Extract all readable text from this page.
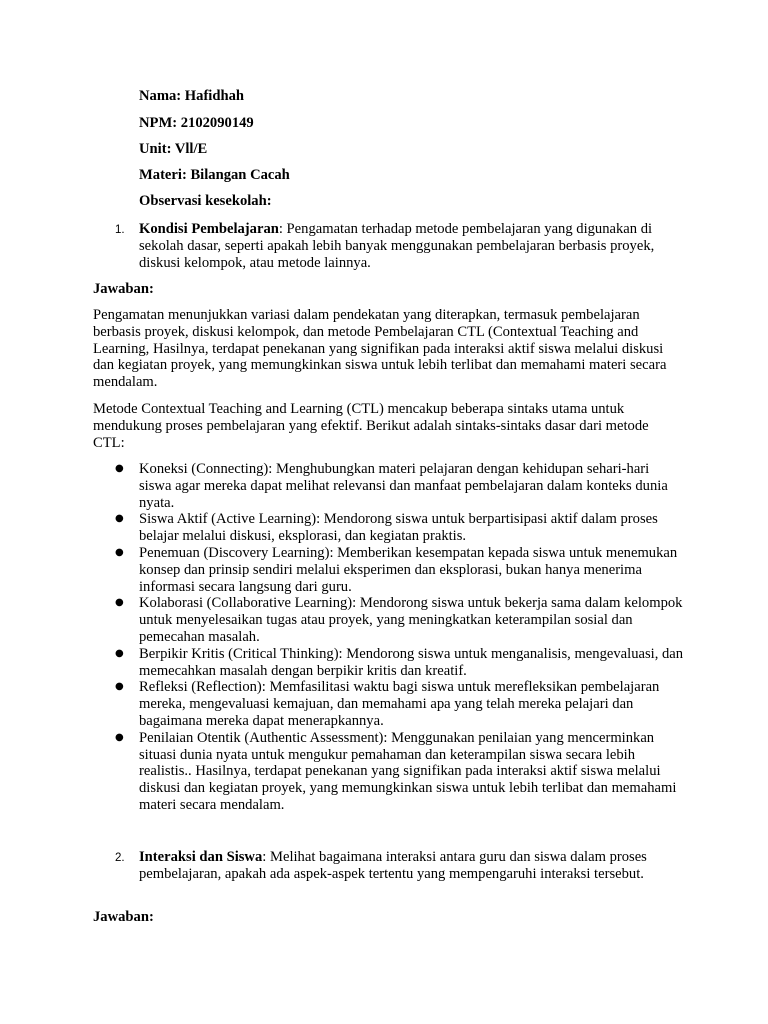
Nama: Hafidhah
NPM: 2102090149
Unit: Vll/E
Materi: Bilangan Cacah
Observasi kesekolah:
1. Kondisi Pembelajaran: Pengamatan terhadap metode pembelajaran yang digunakan di sekolah dasar, seperti apakah lebih banyak menggunakan pembelajaran berbasis proyek, diskusi kelompok, atau metode lainnya.
Jawaban:

Pengamatan menunjukkan variasi dalam pendekatan yang diterapkan, termasuk pembelajaran berbasis proyek, diskusi kelompok, dan metode Pembelajaran CTL (Contextual Teaching and Learning, Hasilnya, terdapat penekanan yang signifikan pada interaksi aktif siswa melalui diskusi dan kegiatan proyek, yang memungkinkan siswa untuk lebih terlibat dan memahami materi secara mendalam.

Metode Contextual Teaching and Learning (CTL) mencakup beberapa sintaks utama untuk mendukung proses pembelajaran yang efektif. Berikut adalah sintaks-sintaks dasar dari metode CTL:

● Koneksi (Connecting): Menghubungkan materi pelajaran dengan kehidupan sehari-hari siswa agar mereka dapat melihat relevansi dan manfaat pembelajaran dalam konteks dunia nyata.
● Siswa Aktif (Active Learning): Mendorong siswa untuk berpartisipasi aktif dalam proses belajar melalui diskusi, eksplorasi, dan kegiatan praktis.
● Penemuan (Discovery Learning): Memberikan kesempatan kepada siswa untuk menemukan konsep dan prinsip sendiri melalui eksperimen dan eksplorasi, bukan hanya menerima informasi secara langsung dari guru.
● Kolaborasi (Collaborative Learning): Mendorong siswa untuk bekerja sama dalam kelompok untuk menyelesaikan tugas atau proyek, yang meningkatkan keterampilan sosial dan pemecahan masalah.
● Berpikir Kritis (Critical Thinking): Mendorong siswa untuk menganalisis, mengevaluasi, dan memecahkan masalah dengan berpikir kritis dan kreatif.
● Refleksi (Reflection): Memfasilitasi waktu bagi siswa untuk merefleksikan pembelajaran mereka, mengevaluasi kemajuan, dan memahami apa yang telah mereka pelajari dan bagaimana mereka dapat menerapkannya.
● Penilaian Otentik (Authentic Assessment): Menggunakan penilaian yang mencerminkan situasi dunia nyata untuk mengukur pemahaman dan keterampilan siswa secara lebih realistis.. Hasilnya, terdapat penekanan yang signifikan pada interaksi aktif siswa melalui diskusi dan kegiatan proyek, yang memungkinkan siswa untuk lebih terlibat dan memahami materi secara mendalam.
2. Interaksi dan Siswa: Melihat bagaimana interaksi antara guru dan siswa dalam proses pembelajaran, apakah ada aspek-aspek tertentu yang mempengaruhi interaksi tersebut.
Jawaban:
